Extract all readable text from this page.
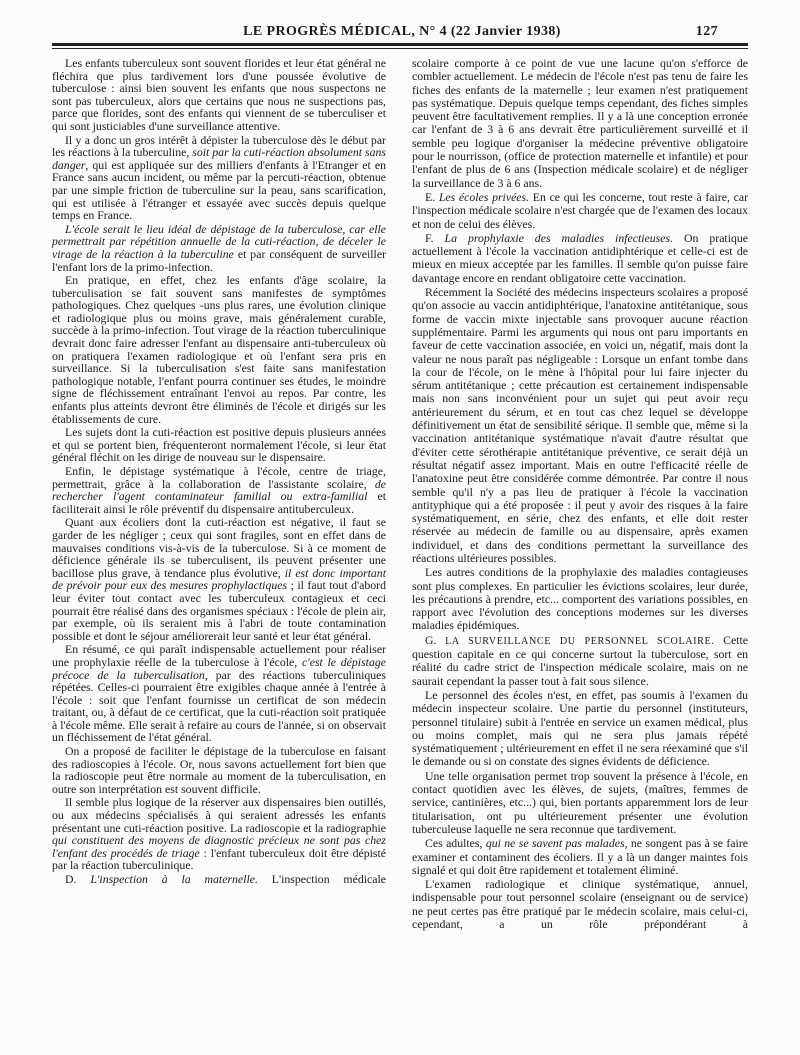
LE PROGRÈS MÉDICAL, N° 4 (22 Janvier 1938)	127

Les enfants tuberculeux sont souvent florides et leur état général ne fléchira que plus tardivement lors d'une poussée évolutive de tuberculose : ainsi bien souvent les enfants que nous suspectons ne sont pas tuberculeux, alors que certains que nous ne suspections pas, parce que florides, sont des enfants qui viennent de se tuberculiser et qui sont justiciables d'une surveillance attentive.

Il y a donc un gros intérêt à dépister la tuberculose dès le début par les réactions à la tuberculine, soit par la cuti-réaction absolument sans danger, qui est appliquée sur des milliers d'enfants à l'Etranger et en France sans aucun incident, ou même par la percuti-réaction, obtenue par une simple friction de tuberculine sur la peau, sans scarification, qui est utilisée à l'étranger et essayée avec succès depuis quelque temps en France.

L'école serait le lieu idéal de dépistage de la tuberculose, car elle permettrait par répétition annuelle de la cuti-réaction, de déceler le virage de la réaction à la tuberculine et par conséquent de surveiller l'enfant lors de la primo-infection.

En pratique, en effet, chez les enfants d'âge scolaire, la tuberculisation se fait souvent sans manifestes de symptômes pathologiques. Chez quelques -uns plus rares, une évolution clinique et radiologique plus ou moins grave, mais généralement curable, succède à la primo-infection. Tout virage de la réaction tuberculinique devrait donc faire adresser l'enfant au dispensaire anti-tuberculeux où on pratiquera l'examen radiologique et où l'enfant sera pris en surveillance. Si la tuberculisation s'est faite sans manifestation pathologique notable, l'enfant pourra continuer ses études, le moindre signe de fléchissement entraînant l'envoi au repos. Par contre, les enfants plus atteints devront être éliminés de l'école et dirigés sur les établissements de cure.

Les sujets dont la cuti-réaction est positive depuis plusieurs années et qui se portent bien, fréquenteront normalement l'école, si leur état général fléchit on les dirige de nouveau sur le dispensaire.

Enfin, le dépistage systématique à l'école, centre de triage, permettrait, grâce à la collaboration de l'assistante scolaire, de rechercher l'agent contaminateur familial ou extra-familial et faciliterait ainsi le rôle préventif du dispensaire antituberculeux.

Quant aux écoliers dont la cuti-réaction est négative, il faut se garder de les négliger ; ceux qui sont fragiles, sont en effet dans de mauvaises conditions vis-à-vis de la tuberculose. Si à ce moment de déficience générale ils se tuberculisent, ils peuvent présenter une bacillose plus grave, à tendance plus évolutive, il est donc important de prévoir pour eux des mesures prophylactiques ; il faut tout d'abord leur éviter tout contact avec les tuberculeux contagieux et ceci pourrait être réalisé dans des organismes spéciaux : l'école de plein air, par exemple, où ils seraient mis à l'abri de toute contamination possible et dont le séjour améliorerait leur santé et leur état général.

En résumé, ce qui paraît indispensable actuellement pour réaliser une prophylaxie réelle de la tuberculose à l'école, c'est le dépistage précoce de la tuberculisation, par des réactions tuberculiniques répétées. Celles-ci pourraient être exigibles chaque année à l'entrée à l'école : soit que l'enfant fournisse un certificat de son médecin traitant, ou, à défaut de ce certificat, que la cuti-réaction soit pratiquée à l'école même. Elle serait à refaire au cours de l'année, si on observait un fléchissement de l'état général.

On a proposé de faciliter le dépistage de la tuberculose en faisant des radioscopies à l'école. Or, nous savons actuellement fort bien que la radioscopie peut être normale au moment de la tuberculisation, en outre son interprétation est souvent difficile.

Il semble plus logique de la réserver aux dispensaires bien outillés, ou aux médecins spécialisés à qui seraient adressés les enfants présentant une cuti-réaction positive. La radioscopie et la radiographie qui constituent des moyens de diagnostic précieux ne sont pas chez l'enfant des procédés de triage : l'enfant tuberculeux doit être dépisté par la réaction tuberculinique.

D. L'inspection à la maternelle. L'inspection médicale

scolaire comporte à ce point de vue une lacune qu'on s'efforce de combler actuellement. Le médecin de l'école n'est pas tenu de faire les fiches des enfants de la maternelle ; leur examen n'est pratiquement pas systématique. Depuis quelque temps cependant, des fiches simples peuvent être facultativement remplies. Il y a là une conception erronée car l'enfant de 3 à 6 ans devrait être particulièrement surveillé et il semble peu logique d'organiser la médecine préventive obligatoire pour le nourrisson, (office de protection maternelle et infantile) et pour l'enfant de plus de 6 ans (Inspection médicale scolaire) et de négliger la surveillance de 3 à 6 ans.

E. Les écoles privées. En ce qui les concerne, tout reste à faire, car l'inspection médicale scolaire n'est chargée que de l'examen des locaux et non de celui des élèves.

F. La prophylaxie des maladies infectieuses. On pratique actuellement à l'école la vaccination antidiphtérique et celle-ci est de mieux en mieux acceptée par les familles. Il semble qu'on puisse faire davantage encore en rendant obligatoire cette vaccination.

Récemment la Société des médecins inspecteurs scolaires a proposé qu'on associe au vaccin antidiphtérique, l'anatoxine antitétanique, sous forme de vaccin mixte injectable sans provoquer aucune réaction supplémentaire. Parmi les arguments qui nous ont paru importants en faveur de cette vaccination associée, en voici un, négatif, mais dont la valeur ne nous paraît pas négligeable : Lorsque un enfant tombe dans la cour de l'école, on le mène à l'hôpital pour lui faire injecter du sérum antitétanique ; cette précaution est certainement indispensable mais non sans inconvénient pour un sujet qui peut avoir reçu antérieurement du sérum, et en tout cas chez lequel se développe définitivement un état de sensibilité sérique. Il semble que, même si la vaccination antitétanique systématique n'avait d'autre résultat que d'éviter cette sérothérapie antitétanique préventive, ce serait déjà un résultat négatif assez important. Mais en outre l'efficacité réelle de l'anatoxine peut être considérée comme démontrée. Par contre il nous semble qu'il n'y a pas lieu de pratiquer à l'école la vaccination antityphique qui a été proposée : il peut y avoir des risques à la faire systématiquement, en série, chez des enfants, et elle doit rester réservée au médecin de famille ou au dispensaire, après examen individuel, et dans des conditions permettant la surveillance des réactions ultérieures possibles.

Les autres conditions de la prophylaxie des maladies contagieuses sont plus complexes. En particulier les évictions scolaires, leur durée, les précautions à prendre, etc... comportent des variations possibles, en rapport avec l'évolution des conceptions modernes sur les diverses maladies épidémiques.

G. LA SURVEILLANCE DU PERSONNEL SCOLAIRE. Cette question capitale en ce qui concerne surtout la tuberculose, sort en réalité du cadre strict de l'inspection médicale scolaire, mais on ne saurait cependant la passer tout à fait sous silence.

Le personnel des écoles n'est, en effet, pas soumis à l'examen du médecin inspecteur scolaire. Une partie du personnel (instituteurs, personnel titulaire) subit à l'entrée en service un examen médical, plus ou moins complet, mais qui ne sera plus jamais répété systématiquement ; ultérieurement en effet il ne sera réexaminé que s'il le demande ou si on constate des signes évidents de déficience.

Une telle organisation permet trop souvent la présence à l'école, en contact quotidien avec les élèves, de sujets, (maîtres, femmes de service, cantinières, etc...) qui, bien portants apparemment lors de leur titularisation, ont pu ultérieurement présenter une évolution tuberculeuse laquelle ne sera reconnue que tardivement.

Ces adultes, qui ne se savent pas malades, ne songent pas à se faire examiner et contaminent des écoliers. Il y a là un danger maintes fois signalé et qui doit être rapidement et totalement éliminé.

L'examen radiologique et clinique systématique, annuel, indispensable pour tout personnel scolaire (enseignant ou de service) ne peut certes pas être pratiqué par le médecin scolaire, mais celui-ci, cependant, a un rôle prépondérant à
